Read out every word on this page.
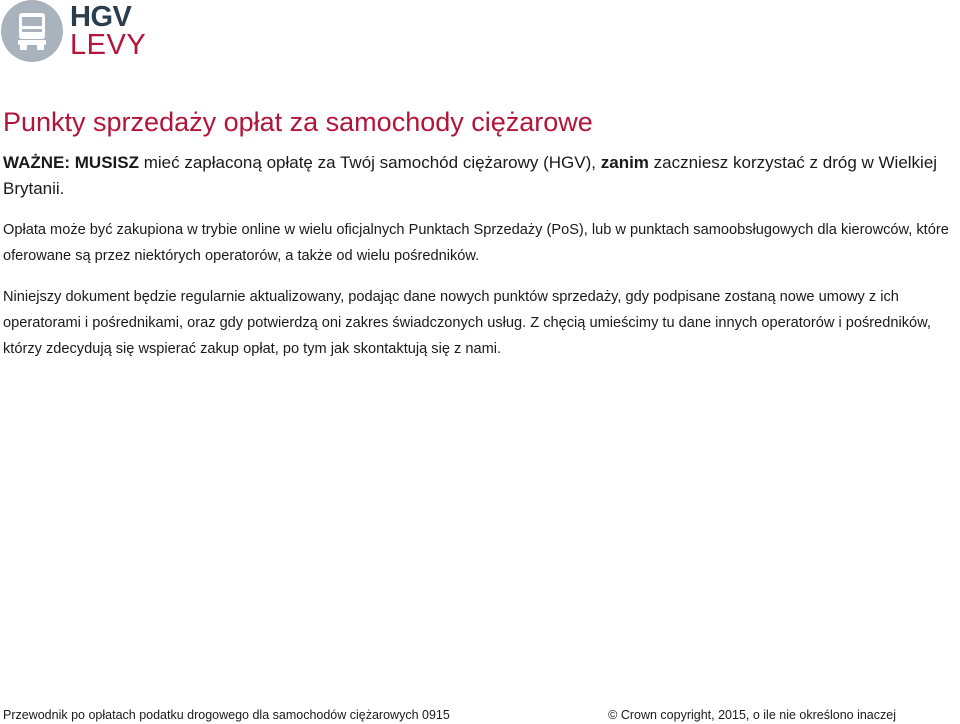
HGV
LEVY
Punkty sprzedaży opłat za samochody ciężarowe

WAŻNE: MUSISZ mieć zapłaconą opłatę za Twój samochód ciężarowy (HGV), zanim zaczniesz korzystać z dróg w Wielkiej Brytanii.

Opłata może być zakupiona w trybie online w wielu oficjalnych Punktach Sprzedaży (PoS), lub w punktach samoobsługowych dla kierowców, które oferowane są przez niektórych operatorów, a także od wielu pośredników.

Niniejszy dokument będzie regularnie aktualizowany, podając dane nowych punktów sprzedaży, gdy podpisane zostaną nowe umowy z ich operatorami i pośrednikami, oraz gdy potwierdzą oni zakres świadczonych usług. Z chęcią umieścimy tu dane innych operatorów i pośredników, którzy zdecydują się wspierać zakup opłat, po tym jak skontaktują się z nami.

Przewodnik po opłatach podatku drogowego dla samochodów ciężarowych 0915	© Crown copyright, 2015, o ile nie określono inaczej
